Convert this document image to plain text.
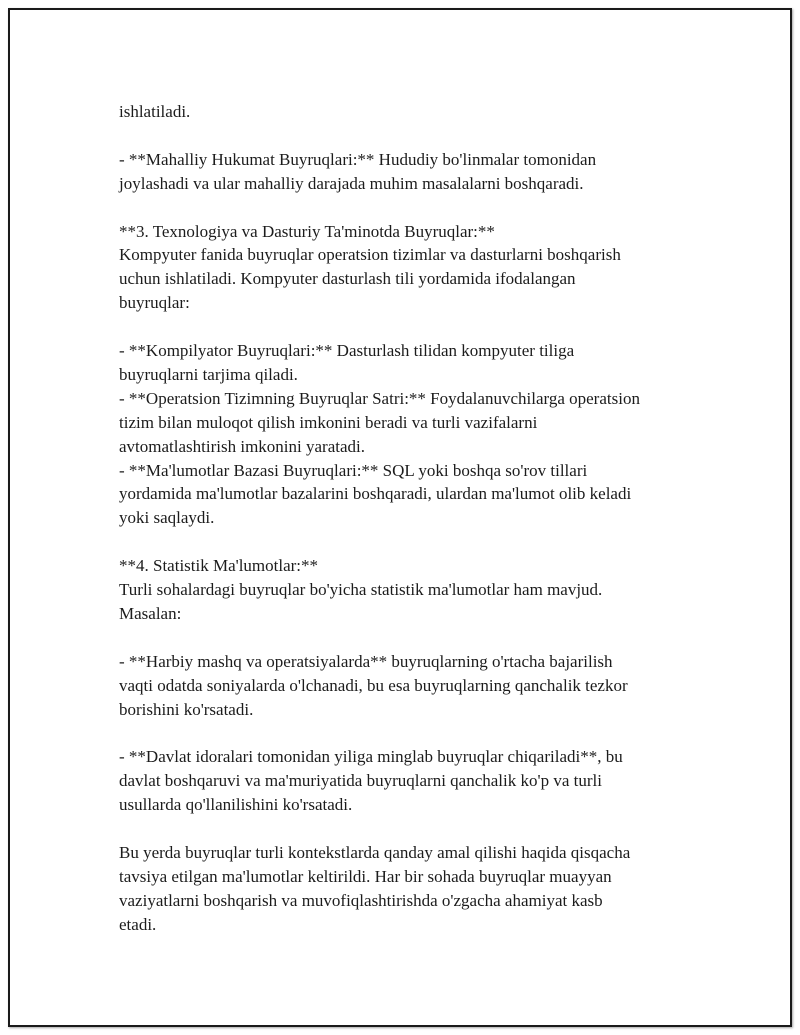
ishlatiladi.
- **Mahalliy Hukumat Buyruqlari:** Hududiy bo'linmalar tomonidan
joylashadi va ular mahalliy darajada muhim masalalarni boshqaradi.
**3. Texnologiya va Dasturiy Ta'minotda Buyruqlar:**
Kompyuter fanida buyruqlar operatsion tizimlar va dasturlarni boshqarish
uchun ishlatiladi. Kompyuter dasturlash tili yordamida ifodalangan
buyruqlar:
- **Kompilyator Buyruqlari:** Dasturlash tilidan kompyuter tiliga
buyruqlarni tarjima qiladi.
- **Operatsion Tizimning Buyruqlar Satri:** Foydalanuvchilarga operatsion
tizim bilan muloqot qilish imkonini beradi va turli vazifalarni
avtomatlashtirish imkonini yaratadi.
- **Ma'lumotlar Bazasi Buyruqlari:** SQL yoki boshqa so'rov tillari
yordamida ma'lumotlar bazalarini boshqaradi, ulardan ma'lumot olib keladi
yoki saqlaydi.
**4. Statistik Ma'lumotlar:**
Turli sohalardagi buyruqlar bo'yicha statistik ma'lumotlar ham mavjud.
Masalan:
- **Harbiy mashq va operatsiyalarda** buyruqlarning o'rtacha bajarilish
vaqti odatda soniyalarda o'lchanadi, bu esa buyruqlarning qanchalik tezkor
borishini ko'rsatadi.
- **Davlat idoralari tomonidan yiliga minglab buyruqlar chiqariladi**, bu
davlat boshqaruvi va ma'muriyatida buyruqlarni qanchalik ko'p va turli
usullarda qo'llanilishini ko'rsatadi.
Bu yerda buyruqlar turli kontekstlarda qanday amal qilishi haqida qisqacha
tavsiya etilgan ma'lumotlar keltirildi. Har bir sohada buyruqlar muayyan
vaziyatlarni boshqarish va muvofiqlashtirishda o'zgacha ahamiyat kasb
etadi.
